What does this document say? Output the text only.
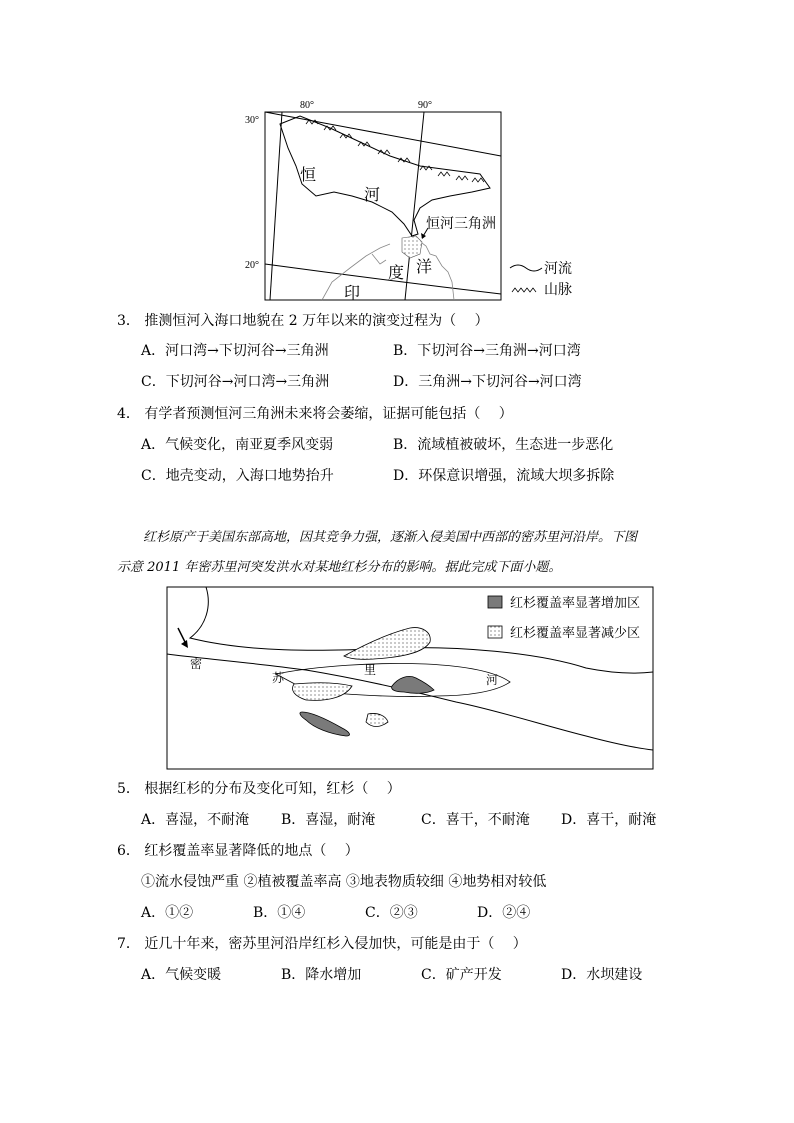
80°	90°
30°
20°
恒
河
恒河三角洲
度 洋
印
河流
山脉
3． 推测恒河入海口地貌在 2 万年以来的演变过程为（　 ）
A．河口湾→下切河谷→三角洲	B．下切河谷→三角洲→河口湾
C．下切河谷→河口湾→三角洲	D．三角洲→下切河谷→河口湾
4． 有学者预测恒河三角洲未来将会萎缩，证据可能包括（　 ）
A．气候变化，南亚夏季风变弱	B．流域植被破坏，生态进一步恶化
C．地壳变动，入海口地势抬升	D．环保意识增强，流域大坝多拆除
红杉原产于美国东部高地，因其竞争力强，逐渐入侵美国中西部的密苏里河沿岸。下图
示意 2011 年密苏里河突发洪水对某地红杉分布的影响。据此完成下面小题。
密
苏
里
河
红杉覆盖率显著增加区
红杉覆盖率显著减少区
5． 根据红杉的分布及变化可知，红杉（　 ）
A．喜湿，不耐淹 B．喜湿，耐淹	C．喜干，不耐淹 D．喜干，耐淹
6． 红杉覆盖率显著降低的地点（　 ）
①流水侵蚀严重 ②植被覆盖率高 ③地表物质较细 ④地势相对较低
A．①②	B．①④	C．②③	D．②④
7． 近几十年来，密苏里河沿岸红杉入侵加快，可能是由于（　 ）
A．气候变暖	B．降水增加	C．矿产开发	D．水坝建设
